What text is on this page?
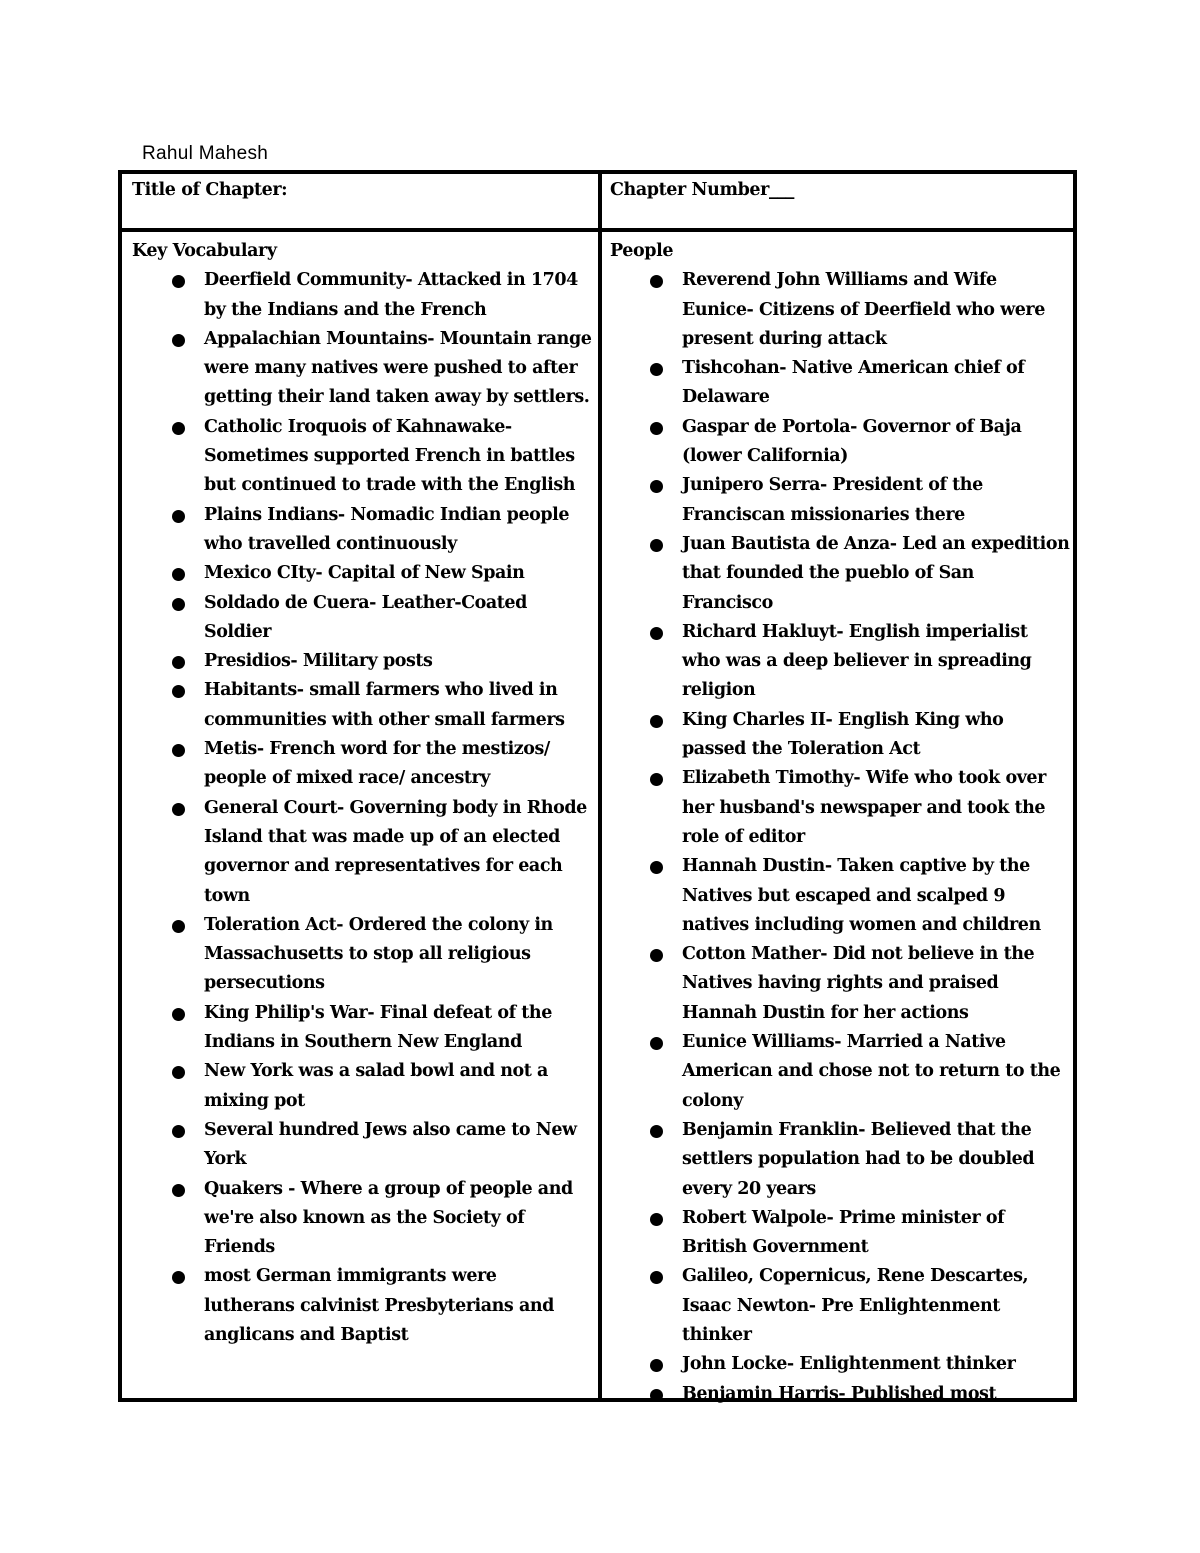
Rahul Mahesh
Title of Chapter:	Chapter Number___
Key Vocabulary
Deerfield Community- Attacked in 1704 by the Indians and the French
Appalachian Mountains- Mountain range were many natives were pushed to after getting their land taken away by settlers.
Catholic Iroquois of Kahnawake- Sometimes supported French in battles but continued to trade with the English
Plains Indians- Nomadic Indian people who travelled continuously
Mexico CIty- Capital of New Spain
Soldado de Cuera- Leather-Coated Soldier
Presidios- Military posts
Habitants- small farmers who lived in communities with other small farmers
Metis- French word for the mestizos/ people of mixed race/ ancestry
General Court- Governing body in Rhode Island that was made up of an elected governor and representatives for each town
Toleration Act- Ordered the colony in Massachusetts to stop all religious persecutions
King Philip's War- Final defeat of the Indians in Southern New England
New York was a salad bowl and not a mixing pot
Several hundred Jews also came to New York
Quakers - Where a group of people and we're also known as the Society of Friends
most German immigrants were lutherans calvinist Presbyterians and anglicans and Baptist
People
Reverend John Williams and Wife Eunice- Citizens of Deerfield who were present during attack
Tishcohan- Native American chief of Delaware
Gaspar de Portola- Governor of Baja (lower California)
Junipero Serra- President of the Franciscan missionaries there
Juan Bautista de Anza- Led an expedition that founded the pueblo of San Francisco
Richard Hakluyt- English imperialist who was a deep believer in spreading religion
King Charles II- English King who passed the Toleration Act
Elizabeth Timothy- Wife who took over her husband's newspaper and took the role of editor
Hannah Dustin- Taken captive by the Natives but escaped and scalped 9 natives including women and children
Cotton Mather- Did not believe in the Natives having rights and praised Hannah Dustin for her actions
Eunice Williams- Married a Native American and chose not to return to the colony
Benjamin Franklin- Believed that the settlers population had to be doubled every 20 years
Robert Walpole- Prime minister of British Government
Galileo, Copernicus, Rene Descartes, Isaac Newton- Pre Enlightenment thinker
John Locke- Enlightenment thinker
Benjamin Harris- Published most
